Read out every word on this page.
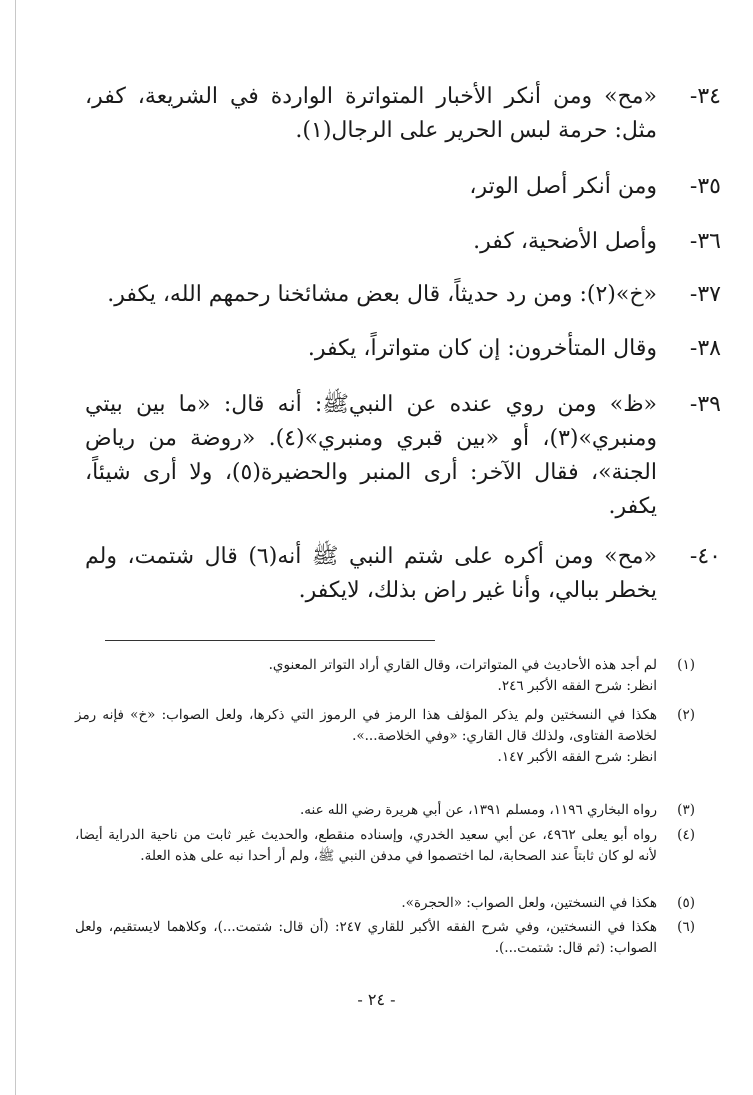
٣٤-
«مح» ومن أنكر الأخبار المتواترة الواردة في الشريعة، كفر، مثل: حرمة لبس الحرير على الرجال(١).
٣٥-
ومن أنكر أصل الوتر،
٣٦-
وأصل الأضحية، كفر.
٣٧-
«خ»(٢): ومن رد حديثاً، قال بعض مشائخنا رحمهم الله، يكفر.
٣٨-
وقال المتأخرون: إن كان متواتراً، يكفر.
٣٩-
«ظ» ومن روي عنده عن النبيﷺ: أنه قال: «ما بين بيتي ومنبري»(٣)، أو «بين قبري ومنبري»(٤). «روضة من رياض الجنة»، فقال الآخر: أرى المنبر والحضيرة(٥)، ولا أرى شيئاً، يكفر.
٤٠-
«مح» ومن أكره على شتم النبي ﷺ أنه(٦) قال شتمت، ولم يخطر ببالي، وأنا غير راض بذلك، لايكفر.
(١)
لم أجد هذه الأحاديث في المتواترات، وقال القاري أراد التواتر المعنوي.
انظر: شرح الفقه الأكبر ٢٤٦.
(٢)
هكذا في النسختين ولم يذكر المؤلف هذا الرمز في الرموز التي ذكرها، ولعل الصواب: «خ» فإنه رمز لخلاصة الفتاوى، ولذلك قال القاري: «وفي الخلاصة...».
انظر: شرح الفقه الأكبر ١٤٧.
(٣)
رواه البخاري ١١٩٦، ومسلم ١٣٩١، عن أبي هريرة رضي الله عنه.
(٤)
رواه أبو يعلى ٤٩٦٢، عن أبي سعيد الخدري، وإسناده منقطع، والحديث غير ثابت من ناحية الدراية أيضا، لأنه لو كان ثابتاً عند الصحابة، لما اختصموا في مدفن النبي ﷺ، ولم أر أحدا نبه على هذه العلة.
(٥)
هكذا في النسختين، ولعل الصواب: «الحجرة».
(٦)
هكذا في النسختين، وفي شرح الفقه الأكبر للقاري ٢٤٧: (أن قال: شتمت...)، وكلاهما لايستقيم، ولعل الصواب: (ثم قال: شتمت...).
- ٢٤ -
